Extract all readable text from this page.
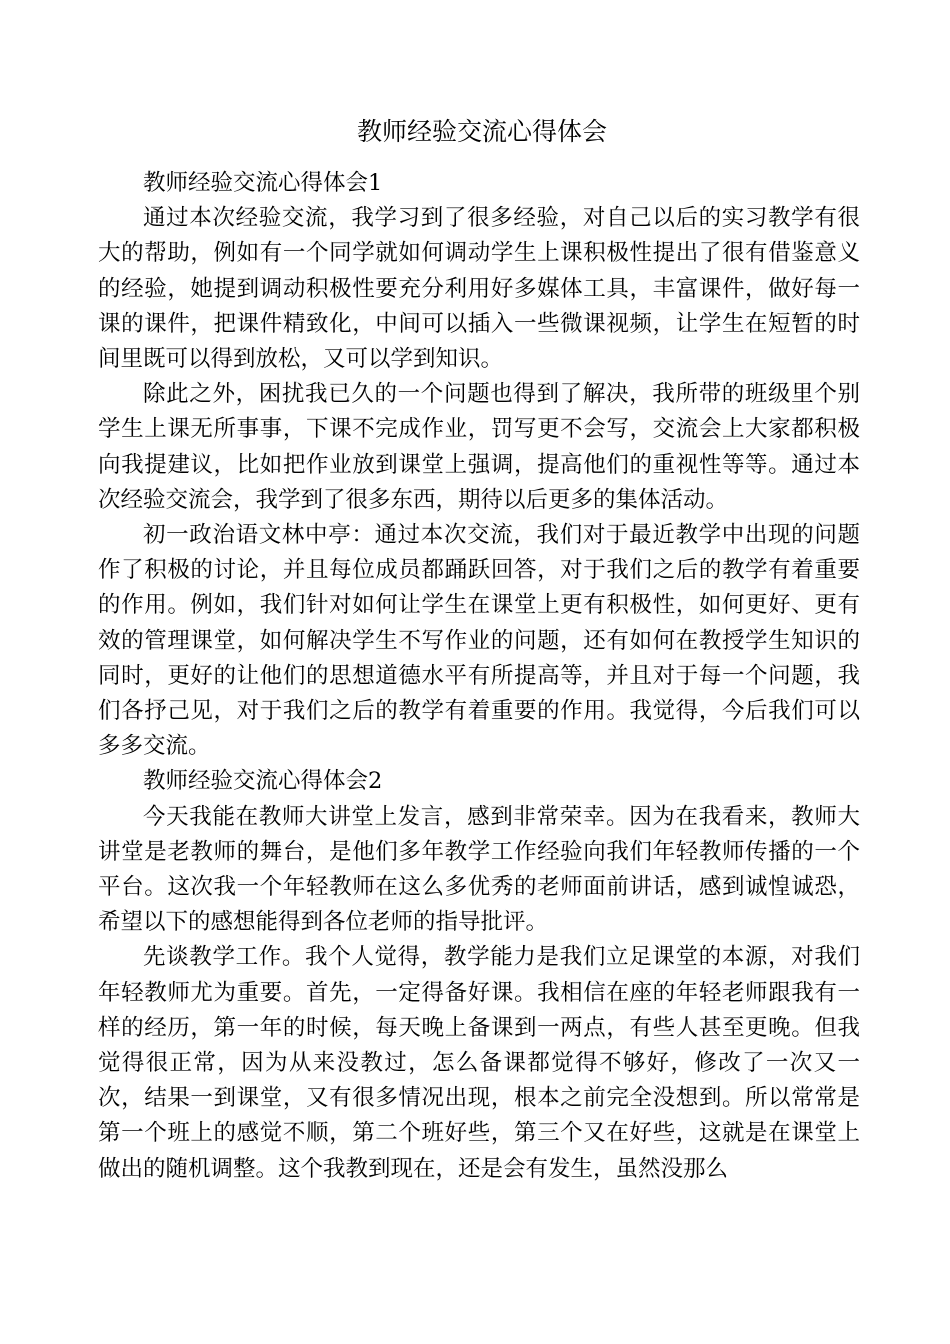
教师经验交流心得体会

教师经验交流心得体会1

通过本次经验交流，我学习到了很多经验，对自己以后的实习教学有很大的帮助，例如有一个同学就如何调动学生上课积极性提出了很有借鉴意义的经验，她提到调动积极性要充分利用好多媒体工具，丰富课件，做好每一课的课件，把课件精致化，中间可以插入一些微课视频，让学生在短暂的时间里既可以得到放松，又可以学到知识。

除此之外，困扰我已久的一个问题也得到了解决，我所带的班级里个别学生上课无所事事，下课不完成作业，罚写更不会写，交流会上大家都积极向我提建议，比如把作业放到课堂上强调，提高他们的重视性等等。通过本次经验交流会，我学到了很多东西，期待以后更多的集体活动。

初一政治语文林中亭：通过本次交流，我们对于最近教学中出现的问题作了积极的讨论，并且每位成员都踊跃回答，对于我们之后的教学有着重要的作用。例如，我们针对如何让学生在课堂上更有积极性，如何更好、更有效的管理课堂，如何解决学生不写作业的问题，还有如何在教授学生知识的同时，更好的让他们的思想道德水平有所提高等，并且对于每一个问题，我们各抒己见，对于我们之后的教学有着重要的作用。我觉得，今后我们可以多多交流。

教师经验交流心得体会2

今天我能在教师大讲堂上发言，感到非常荣幸。因为在我看来，教师大讲堂是老教师的舞台，是他们多年教学工作经验向我们年轻教师传播的一个平台。这次我一个年轻教师在这么多优秀的老师面前讲话，感到诚惶诚恐，希望以下的感想能得到各位老师的指导批评。

先谈教学工作。我个人觉得，教学能力是我们立足课堂的本源，对我们年轻教师尤为重要。首先，一定得备好课。我相信在座的年轻老师跟我有一样的经历，第一年的时候，每天晚上备课到一两点，有些人甚至更晚。但我觉得很正常，因为从来没教过，怎么备课都觉得不够好，修改了一次又一次，结果一到课堂，又有很多情况出现，根本之前完全没想到。所以常常是第一个班上的感觉不顺，第二个班好些，第三个又在好些，这就是在课堂上做出的随机调整。这个我教到现在，还是会有发生，虽然没那么
